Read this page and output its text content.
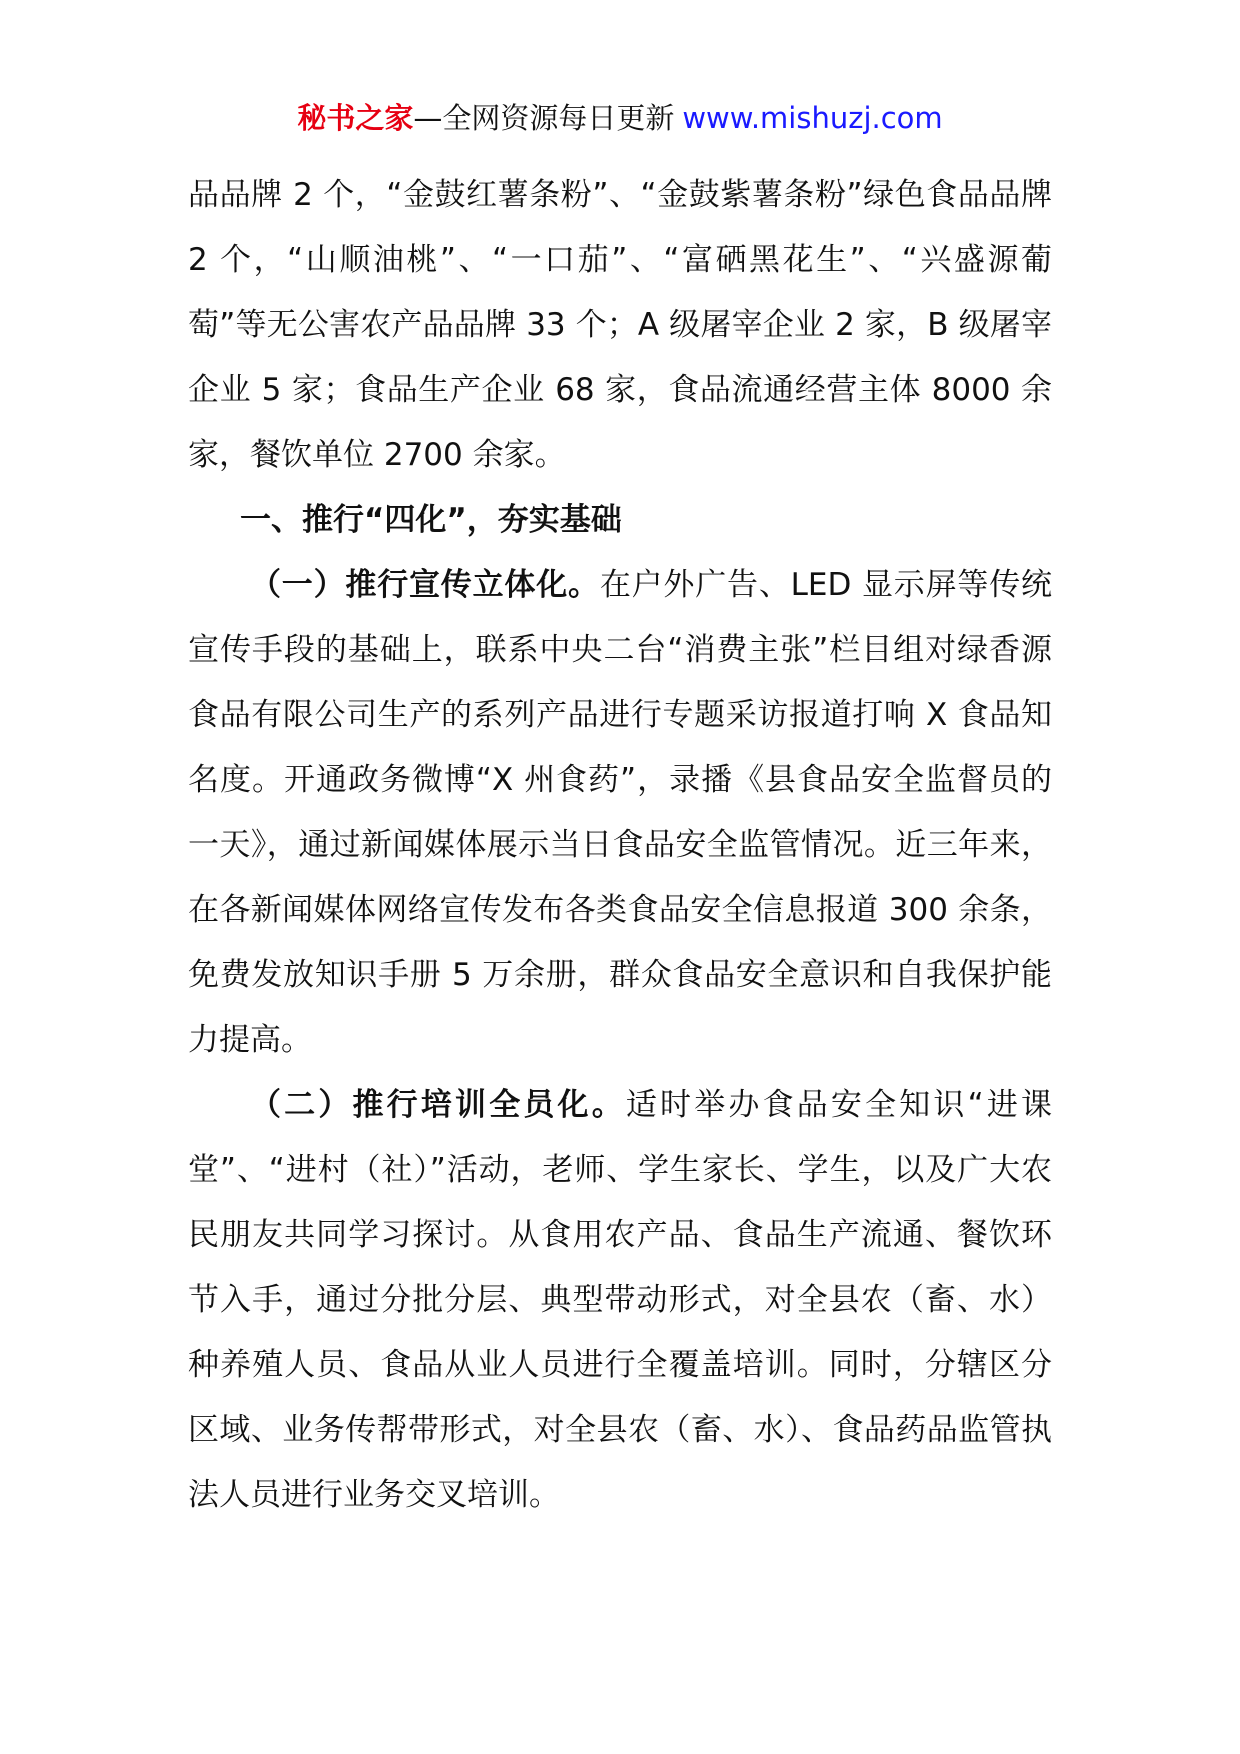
秘书之家—全网资源每日更新 www.mishuzj.com

品品牌 2 个，“金鼓红薯条粉”、“金鼓紫薯条粉”绿色食品品牌 2 个，“山顺油桃”、“一口茄”、“富硒黑花生”、“兴盛源葡萄”等无公害农产品品牌 33 个；A 级屠宰企业 2 家，B 级屠宰企业 5 家；食品生产企业 68 家，食品流通经营主体 8000 余家，餐饮单位 2700 余家。

一、推行“四化”，夯实基础

（一）推行宣传立体化。在户外广告、LED 显示屏等传统宣传手段的基础上，联系中央二台“消费主张”栏目组对绿香源食品有限公司生产的系列产品进行专题采访报道打响 X 食品知名度。开通政务微博“X 州食药”，录播《县食品安全监督员的一天》，通过新闻媒体展示当日食品安全监管情况。近三年来，在各新闻媒体网络宣传发布各类食品安全信息报道 300 余条，免费发放知识手册 5 万余册，群众食品安全意识和自我保护能力提高。

（二）推行培训全员化。适时举办食品安全知识“进课堂”、“进村（社）”活动，老师、学生家长、学生，以及广大农民朋友共同学习探讨。从食用农产品、食品生产流通、餐饮环节入手，通过分批分层、典型带动形式，对全县农（畜、水）种养殖人员、食品从业人员进行全覆盖培训。同时，分辖区分区域、业务传帮带形式，对全县农（畜、水）、食品药品监管执法人员进行业务交叉培训。
